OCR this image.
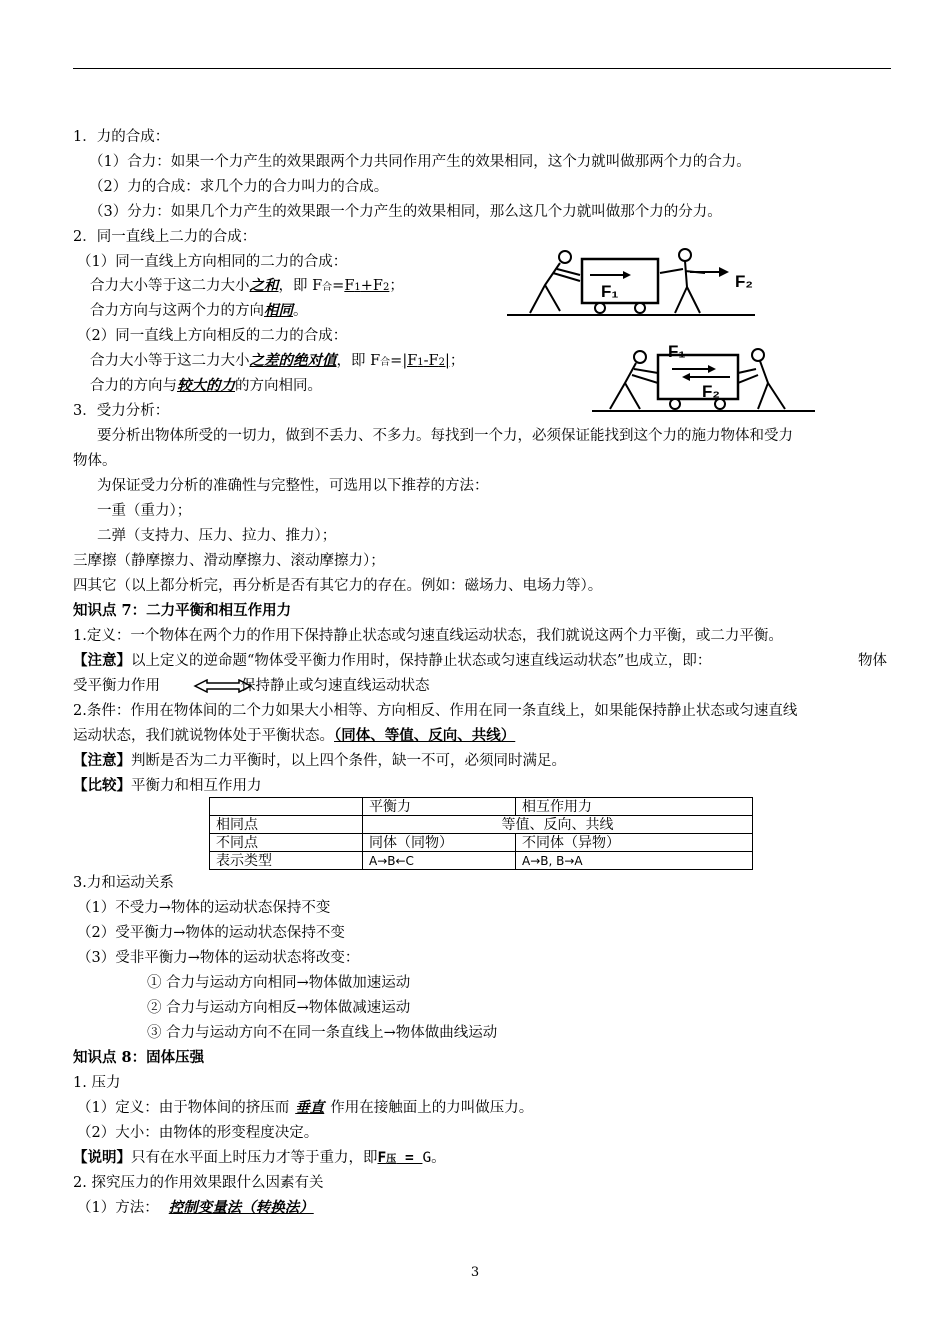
1．力的合成：
（1）合力：如果一个力产生的效果跟两个力共同作用产生的效果相同，这个力就叫做那两个力的合力。
（2）力的合成：求几个力的合力叫力的合成。
（3）分力：如果几个力产生的效果跟一个力产生的效果相同，那么这几个力就叫做那个力的分力。
2．同一直线上二力的合成：
（1）同一直线上方向相同的二力的合成：
合力大小等于这二力大小之和，即 F合=F1+F2；
合力方向与这两个力的方向相同。
（2）同一直线上方向相反的二力的合成：
合力大小等于这二力大小之差的绝对值，即 F合=|F1-F2|；
合力的方向与较大的力的方向相同。
F₁
F₂
F₁
F₂
3．受力分析：
要分析出物体所受的一切力，做到不丢力、不多力。每找到一个力，必须保证能找到这个力的施力物体和受力
物体。
为保证受力分析的准确性与完整性，可选用以下推荐的方法：
一重（重力）；
二弹（支持力、压力、拉力、推力）；
三摩擦（静摩擦力、滑动摩擦力、滚动摩擦力）；
四其它（以上都分析完，再分析是否有其它力的存在。例如：磁场力、电场力等）。
知识点 7：二力平衡和相互作用力
1.定义：一个物体在两个力的作用下保持静止状态或匀速直线运动状态，我们就说这两个力平衡，或二力平衡。
【注意】以上定义的逆命题“物体受平衡力作用时，保持静止状态或匀速直线运动状态”也成立，即：	物体
受平衡力作用	保持静止或匀速直线运动状态
2.条件：作用在物体间的二个力如果大小相等、方向相反、作用在同一条直线上，如果能保持静止状态或匀速直线
运动状态，我们就说物体处于平衡状态。（同体、等值、反向、共线）
【注意】判断是否为二力平衡时，以上四个条件，缺一不可，必须同时满足。
【比较】平衡力和相互作用力
	平衡力	相互作用力
相同点	等值、反向、共线	
不同点	同体（同物）	不同体（异物）
表示类型	A→B←C	A→B, B→A
3.力和运动关系
（1）不受力→物体的运动状态保持不变
（2）受平衡力→物体的运动状态保持不变
（3）受非平衡力→物体的运动状态将改变：
① 合力与运动方向相同→物体做加速运动
② 合力与运动方向相反→物体做减速运动
③ 合力与运动方向不在同一条直线上→物体做曲线运动
知识点 8：固体压强
1. 压力
（1）定义：由于物体间的挤压而 垂直 作用在接触面上的力叫做压力。
（2）大小：由物体的形变程度决定。
【说明】只有在水平面上时压力才等于重力，即F压 = G。
2. 探究压力的作用效果跟什么因素有关
（1）方法： 控制变量法（转换法）
3
